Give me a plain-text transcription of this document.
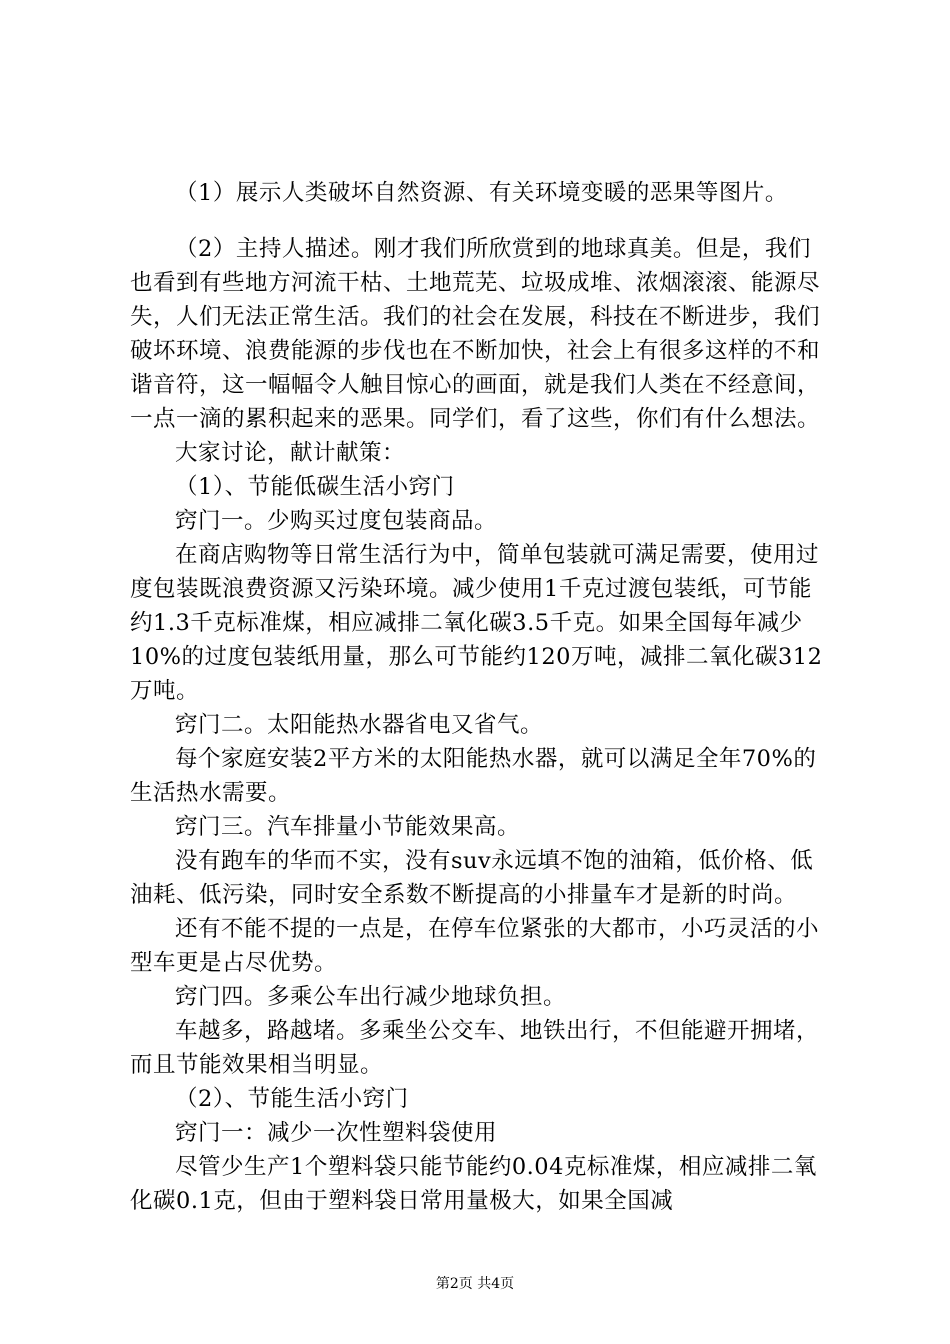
（1）展示人类破坏自然资源、有关环境变暖的恶果等图片。

（2）主持人描述。刚才我们所欣赏到的地球真美。但是，我们也看到有些地方河流干枯、土地荒芜、垃圾成堆、浓烟滚滚、能源尽失，人们无法正常生活。我们的社会在发展，科技在不断进步，我们破坏环境、浪费能源的步伐也在不断加快，社会上有很多这样的不和谐音符，这一幅幅令人触目惊心的画面，就是我们人类在不经意间，一点一滴的累积起来的恶果。同学们，看了这些，你们有什么想法。

大家讨论，献计献策：

（1）、节能低碳生活小窍门

窍门一。少购买过度包装商品。

在商店购物等日常生活行为中，简单包装就可满足需要，使用过度包装既浪费资源又污染环境。减少使用1千克过渡包装纸，可节能约1.3千克标准煤，相应减排二氧化碳3.5千克。如果全国每年减少10%的过度包装纸用量，那么可节能约120万吨，减排二氧化碳312万吨。

窍门二。太阳能热水器省电又省气。

每个家庭安装2平方米的太阳能热水器，就可以满足全年70%的生活热水需要。

窍门三。汽车排量小节能效果高。

没有跑车的华而不实，没有suv永远填不饱的油箱，低价格、低油耗、低污染，同时安全系数不断提高的小排量车才是新的时尚。

还有不能不提的一点是，在停车位紧张的大都市，小巧灵活的小型车更是占尽优势。

窍门四。多乘公车出行减少地球负担。

车越多，路越堵。多乘坐公交车、地铁出行，不但能避开拥堵，而且节能效果相当明显。

（2）、节能生活小窍门

窍门一：减少一次性塑料袋使用

尽管少生产1个塑料袋只能节能约0.04克标准煤，相应减排二氧化碳0.1克，但由于塑料袋日常用量极大，如果全国减

第2页 共4页
